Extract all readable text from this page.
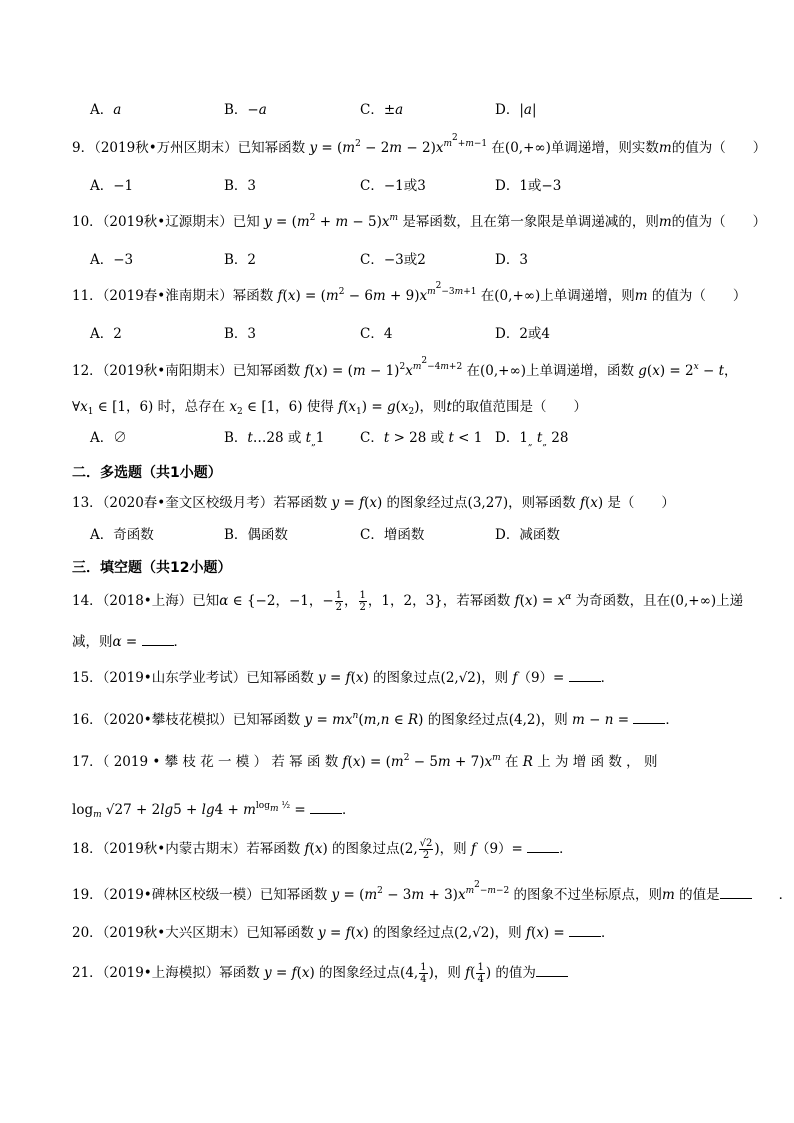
A．a	B．−a	C．±a	D．|a|
9．（2019秋•万州区期末）已知幂函数 $y = (m^2 - 2m - 2)x^{m^2+m-1}$ 在(0,+∞)单调递增，则实数m的值为（　　）
A．−1	B．3	C．−1或3	D．1或−3
10．（2019秋•辽源期末）已知 $y = (m^2 + m - 5)x^m$ 是幂函数，且在第一象限是单调递减的，则m的值为（　　）
A．−3	B．2	C．−3或2	D．3
11．（2019春•淮南期末）幂函数 $f(x) = (m^2 - 6m + 9)x^{m^2-3m+1}$ 在(0,+∞)上单调递增，则m 的值为（　　）
A．2	B．3	C．4	D．2或4
12．（2019秋•南阳期末）已知幂函数 $f(x) = (m - 1)^2x^{m^2-4m+2}$ 在(0,+∞)上单调递增，函数 $g(x) = 2^x - t$，
$\forall x_1$ ∈ [1，6) 时，总存在 $x_2$ ∈ [1，6) 使得 $f(x_1) = g(x_2)$，则t的取值范围是（　　）
A．∅	B．t…28 或 $t_„1$	C．t > 28 或 t < 1 D．$1_„$ $t_„$ 28
二．多选题（共1小题）
13．（2020春•奎文区校级月考）若幂函数 y = f(x) 的图象经过点(3,27)，则幂函数 f(x) 是（　　）
A．奇函数	B．偶函数	C．增函数	D．减函数
三．填空题（共12小题）
14．（2018•上海）已知α ∈ {−2，−1，− $\frac{1}{2}$ ， $\frac{1}{2}$ ，1，2，3}，若幂函数 $f(x) = x^\alpha$ 为奇函数，且在(0,+∞)上递
减，则α = ．
15．（2019•山东学业考试）已知幂函数 y = f(x) 的图象过点(2,√2)，则 f（9）= ．
16．（2020•攀枝花模拟）已知幂函数 $y = mx^n(m,n$ ∈ R) 的图象经过点(4,2)，则 m − n = ．
17．（ 2019 • 攀 枝 花 一 模 ） 若 幂 函 数 $f(x) = (m^2 - 5m + 7)x^m$ 在 R 上 为 增 函 数 ， 则
$\log_m √27 + 2\lg 5 + \lg 4 + m^{log_m \frac{1}{2}}$ = ．
18．（2019秋•内蒙古期末）若幂函数 f(x) 的图象过点(2, $\frac{√2}{2}$ )，则 f（9）= ．
19．（2019•碑林区校级一模）已知幂函数 $y = (m^2 - 3m + 3)x^{m^2-m-2}$ 的图象不过坐标原点，则m 的值是　　．
20．（2019秋•大兴区期末）已知幂函数 y = f(x) 的图象经过点(2,√2)，则 f(x) = ．
21．（2019•上海模拟）幂函数 y = f(x) 的图象经过点(4, $\frac{1}{4}$ )，则 $f( \frac{1}{4}$ ) 的值为
